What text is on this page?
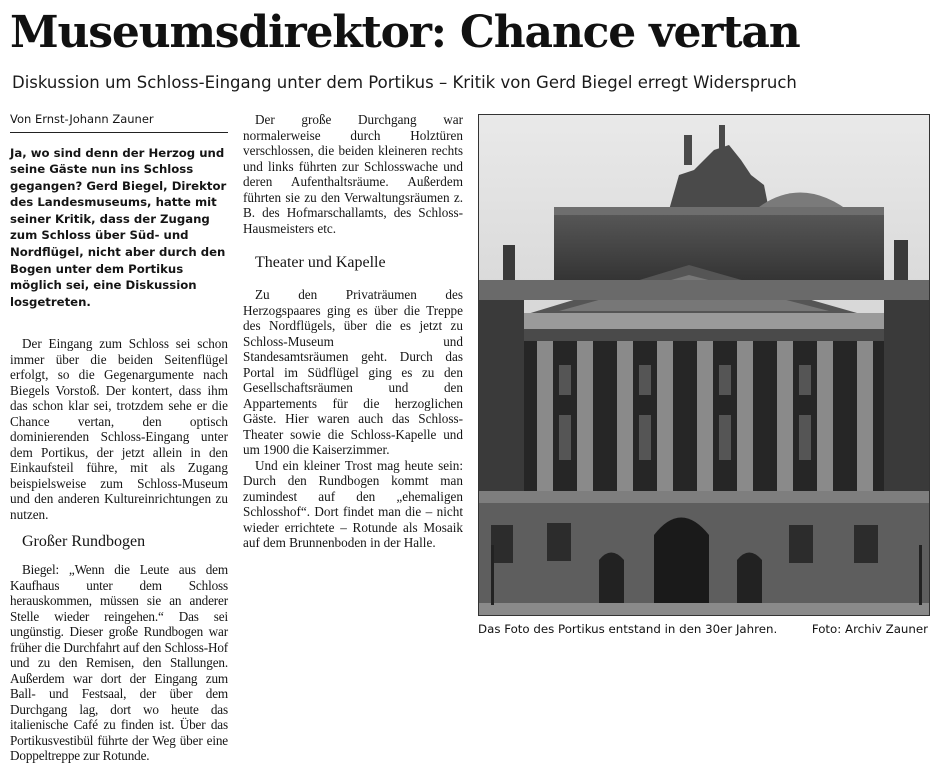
Museumsdirektor: Chance vertan
Diskussion um Schloss-Eingang unter dem Portikus – Kritik von Gerd Biegel erregt Widerspruch
Von Ernst-Johann Zauner
Ja, wo sind denn der Herzog und seine Gäste nun ins Schloss gegangen? Gerd Biegel, Direktor des Landesmuseums, hatte mit seiner Kritik, dass der Zugang zum Schloss über Süd- und Nordflügel, nicht aber durch den Bogen unter dem Portikus möglich sei, eine Diskussion losgetreten.

Der Eingang zum Schloss sei schon immer über die beiden Seitenflügel erfolgt, so die Gegenargumente nach Biegels Vorstoß. Der kontert, dass ihm das schon klar sei, trotzdem sehe er die Chance vertan, den optisch dominierenden Schloss-Eingang unter dem Portikus, der jetzt allein in den Einkaufsteil führe, mit als Zugang beispielsweise zum Schloss-Museum und den anderen Kultureinrichtungen zu nutzen.

Großer Rundbogen

Biegel: „Wenn die Leute aus dem Kaufhaus unter dem Schloss herauskommen, müssen sie an anderer Stelle wieder reingehen.“ Das sei ungünstig. Dieser große Rundbogen war früher die Durchfahrt auf den Schloss-Hof und zu den Remisen, den Stallungen. Außerdem war dort der Eingang zum Ball- und Festsaal, der über dem Durchgang lag, dort wo heute das italienische Café zu finden ist. Über das Portikusvestibül führte der Weg über eine Doppeltreppe zur Rotunde.

Der große Durchgang war normalerweise durch Holztüren verschlossen, die beiden kleineren rechts und links führten zur Schlosswache und deren Aufenthaltsräume. Außerdem führten sie zu den Verwaltungsräumen z. B. des Hofmarschallamts, des Schloss-Hausmeisters etc.

Theater und Kapelle

Zu den Privaträumen des Herzogspaares ging es über die Treppe des Nordflügels, über die es jetzt zu Schloss-Museum und Standesamtsräumen geht. Durch das Portal im Südflügel ging es zu den Gesellschaftsräumen und den Appartements für die herzoglichen Gäste. Hier waren auch das Schloss-Theater sowie die Schloss-Kapelle und um 1900 die Kaiserzimmer.

Und ein kleiner Trost mag heute sein: Durch den Rundbogen kommt man zumindest auf den „ehemaligen Schlosshof“. Dort findet man die – nicht wieder errichtete – Rotunde als Mosaik auf dem Brunnenboden in der Halle.

Das Foto des Portikus entstand in den 30er Jahren.	Foto: Archiv Zauner
